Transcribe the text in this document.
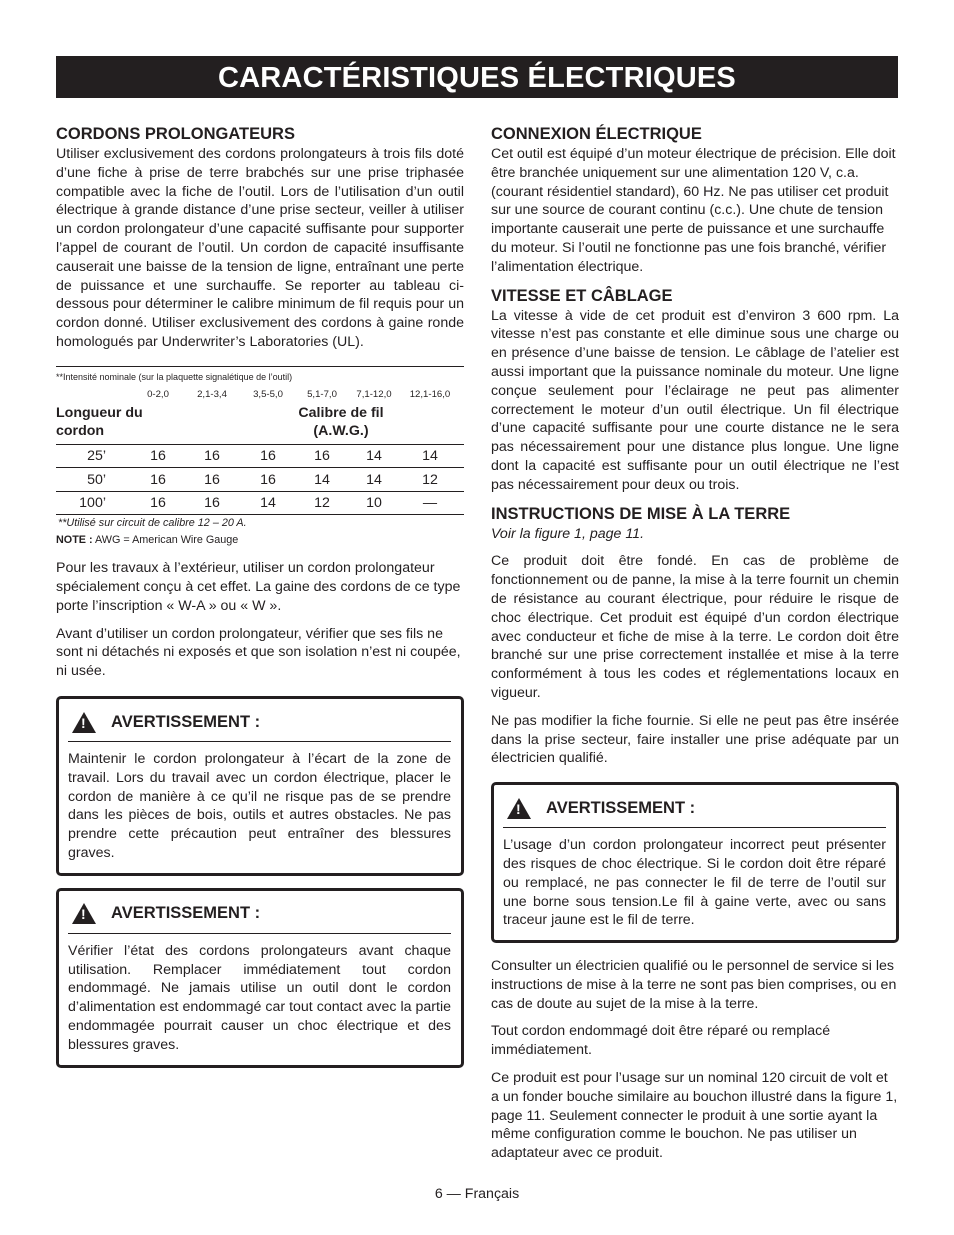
CARACTÉRISTIQUES ÉLECTRIQUES
CORDONS PROLONGATEURS

Utiliser exclusivement des cordons prolongateurs à trois fils doté d’une fiche à prise de terre brabchés sur une prise triphasée compatible avec la fiche de l’outil. Lors de l’utilisation d’un outil électrique à grande distance d’une prise secteur, veiller à utiliser un cordon prolongateur d’une capacité suffisante pour supporter l’appel de courant de l’outil. Un cordon de capacité insuffisante causerait une baisse de la tension de ligne, entraînant une perte de puissance et une surchauffe. Se reporter au tableau ci-dessous pour déterminer le calibre minimum de fil requis pour un cordon donné. Utiliser exclusivement des cordons à gaine ronde homologués par Underwriter’s Laboratories (UL).

**Intensité nominale (sur la plaquette signalétique de l’outil)
0-2,0	2,1-3,4	3,5-5,0	5,1-7,0	7,1-12,0	12,1-16,0
Longueur du cordon
Calibre de fil (A.W.G.)
25’	16	16	16	16	14	14
50’	16	16	16	14	14	12
100’	16	16	14	12	10	—
**Utilisé sur circuit de calibre 12 – 20 A.
NOTE : AWG = American Wire Gauge

Pour les travaux à l’extérieur, utiliser un cordon prolongateur spécialement conçu à cet effet. La gaine des cordons de ce type porte l’inscription « W-A » ou « W ».

Avant d’utiliser un cordon prolongateur, vérifier que ses fils ne sont ni détachés ni exposés et que son isolation n’est ni coupée, ni usée.

!
AVERTISSEMENT :

Maintenir le cordon prolongateur à l’écart de la zone de travail. Lors du travail avec un cordon électrique, placer le cordon de manière à ce qu’il ne risque pas de se prendre dans les pièces de bois, outils et autres obstacles. Ne pas prendre cette précaution peut entraîner des blessures graves.

!
AVERTISSEMENT :

Vérifier l’état des cordons prolongateurs avant chaque utilisation. Remplacer immédiatement tout cordon endommagé. Ne jamais utilise un outil dont le cordon d’alimentation est endommagé car tout contact avec la partie endommagée pourrait causer un choc électrique et des blessures graves.

CONNEXION ÉLECTRIQUE

Cet outil est équipé d’un moteur électrique de précision. Elle doit être branchée uniquement sur une alimentation 120 V, c.a. (courant résidentiel standard), 60 Hz. Ne pas utiliser cet produit sur une source de courant continu (c.c.). Une chute de tension importante causerait une perte de puissance et une surchauffe du moteur. Si l’outil ne fonctionne pas une fois branché, vérifier l’alimentation électrique.

VITESSE ET CÂBLAGE

La vitesse à vide de cet produit est d’environ 3 600 rpm. La vitesse n’est pas constante et elle diminue sous une charge ou en présence d’une baisse de tension. Le câblage de l’atelier est aussi important que la puissance nominale du moteur. Une ligne conçue seulement pour l’éclairage ne peut pas alimenter correctement le moteur d’un outil électrique. Un fil électrique d’une capacité suffisante pour une courte distance ne le sera pas nécessairement pour une distance plus longue. Une ligne dont la capacité est suffisante pour un outil électrique ne l’est pas nécessairement pour deux ou trois.

INSTRUCTIONS DE MISE À LA TERRE

Voir la figure 1, page 11.

Ce produit doit être fondé. En cas de problème de fonctionnement ou de panne, la mise à la terre fournit un chemin de résistance au courant électrique, pour réduire le risque de choc électrique. Cet produit est équipé d’un cordon électrique avec conducteur et fiche de mise à la terre. Le cordon doit être branché sur une prise correctement installée et mise à la terre conformément à tous les codes et réglementations locaux en vigueur.

Ne pas modifier la fiche fournie. Si elle ne peut pas être insérée dans la prise secteur, faire installer une prise adéquate par un électricien qualifié.

!
AVERTISSEMENT :

L’usage d’un cordon prolongateur incorrect peut présenter des risques de choc électrique. Si le cordon doit être réparé ou remplacé, ne pas connecter le fil de terre de l’outil sur une borne sous tension.Le fil à gaine verte, avec ou sans traceur jaune est le fil de terre.

Consulter un électricien qualifié ou le personnel de service si les instructions de mise à la terre ne sont pas bien comprises, ou en cas de doute au sujet de la mise à la terre.

Tout cordon endommagé doit être réparé ou remplacé immédiatement.

Ce produit est pour l’usage sur un nominal 120 circuit de volt et a un fonder bouche similaire au bouchon illustré dans la figure 1, page 11. Seulement connecter le produit à une sortie ayant la même configuration comme le bouchon. Ne pas utiliser un adaptateur avec ce produit.

6 — Français
